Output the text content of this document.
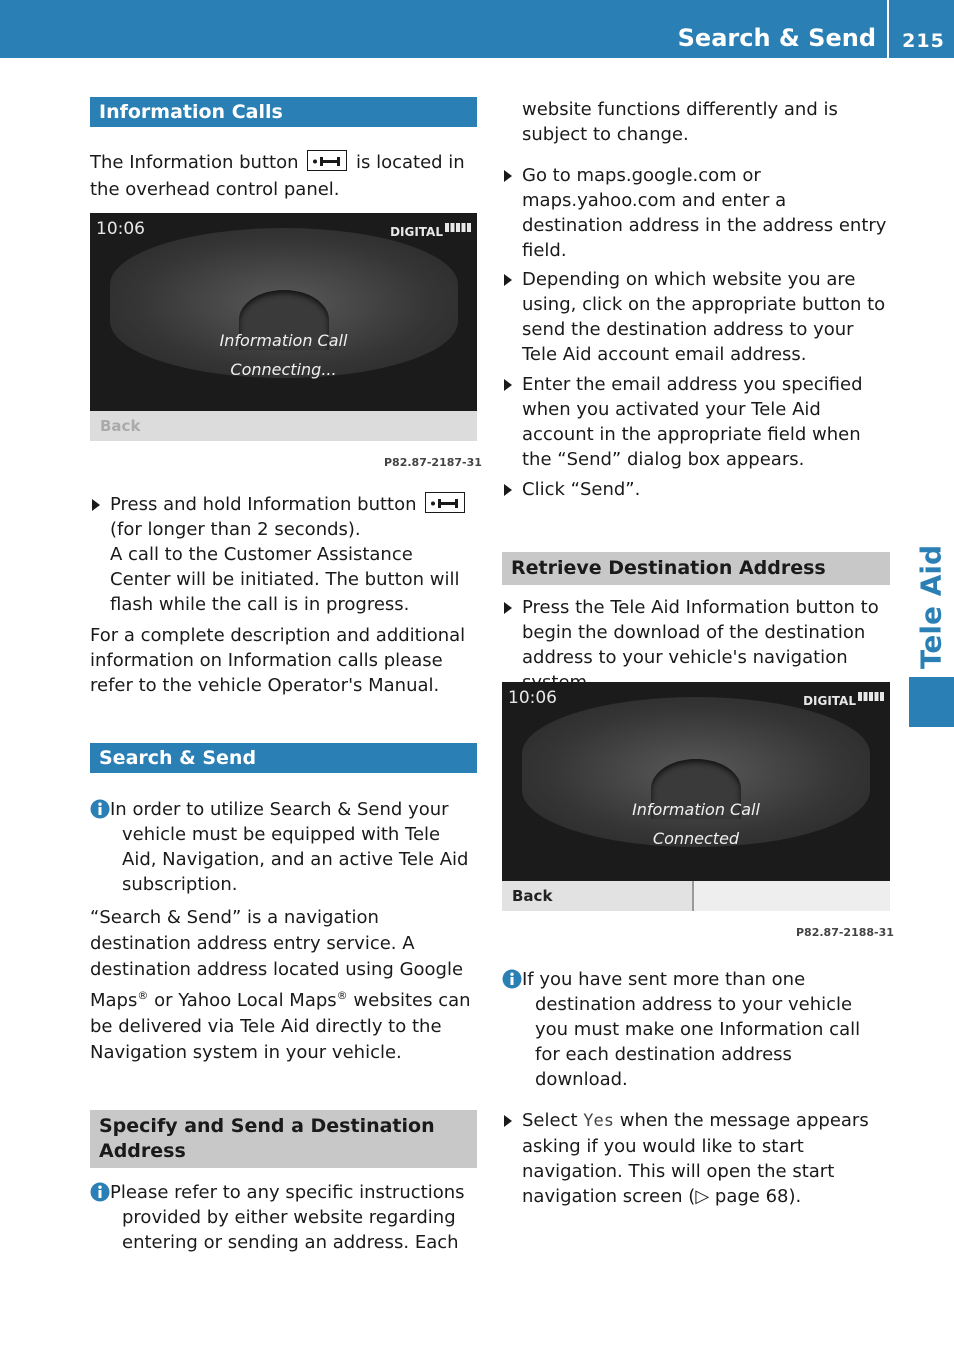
Search & Send	215
Tele Aid
Information Calls

The Information button	is located in the overhead control panel.

10:06	DIGITAL
Information Call
Connecting...
Back
P82.87-2187-31
Press and hold Information button
(for longer than 2 seconds).

A call to the Customer Assistance Center will be initiated. The button will flash while the call is in progress.

For a complete description and additional information on Information calls please refer to the vehicle Operator's Manual.

Search & Send

In order to utilize Search & Send your vehicle must be equipped with Tele Aid, Navigation, and an active Tele Aid subscription.

“Search & Send” is a navigation destination address entry service. A destination address located using Google Maps® or Yahoo Local Maps® websites can be delivered via Tele Aid directly to the Navigation system in your vehicle.

Specify and Send a Destination Address

Please refer to any specific instructions provided by either website regarding entering or sending an address. Each

website functions differently and is subject to change.

Go to maps.google.com or maps.yahoo.com and enter a destination address in the address entry field.
Depending on which website you are using, click on the appropriate button to send the destination address to your Tele Aid account email address.
Enter the email address you specified when you activated your Tele Aid account in the appropriate field when the “Send” dialog box appears.
Click “Send”.
Retrieve Destination Address
Press the Tele Aid Information button to begin the download of the destination address to your vehicle's navigation
10:06	DIGITAL
Information Call
Connected
Back
P82.87-2188-31

If you have sent more than one destination address to your vehicle you must make one Information call for each destination address download.

Select Yes when the message appears asking if you would like to start navigation. This will open the start navigation screen (▷ page 68).
